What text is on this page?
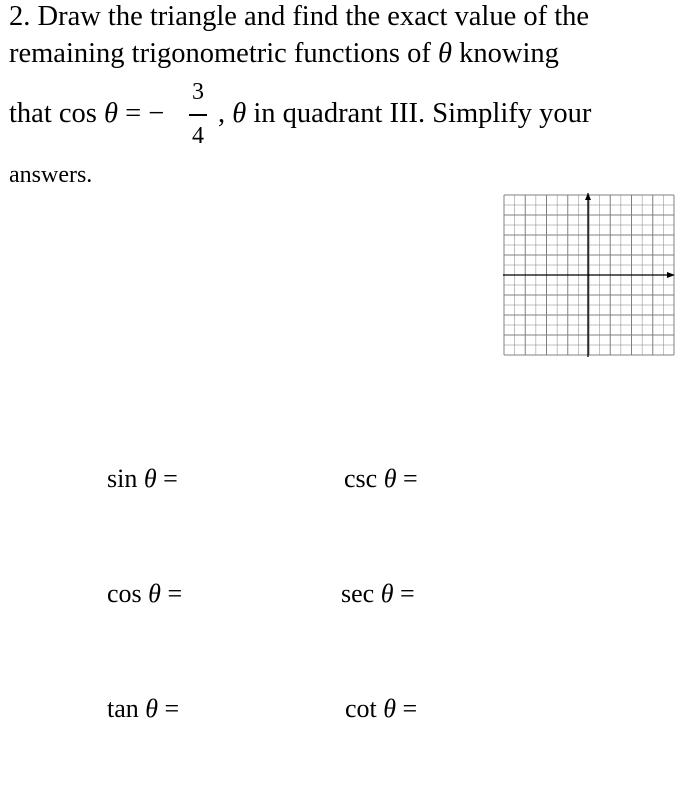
2. Draw the triangle and find the exact value of the
remaining trigonometric functions of θ knowing
that cos θ = −
3
4
, θ in quadrant III. Simplify your
answers.
sin θ =	csc θ =
cos θ =	sec θ =
tan θ =	cot θ =
